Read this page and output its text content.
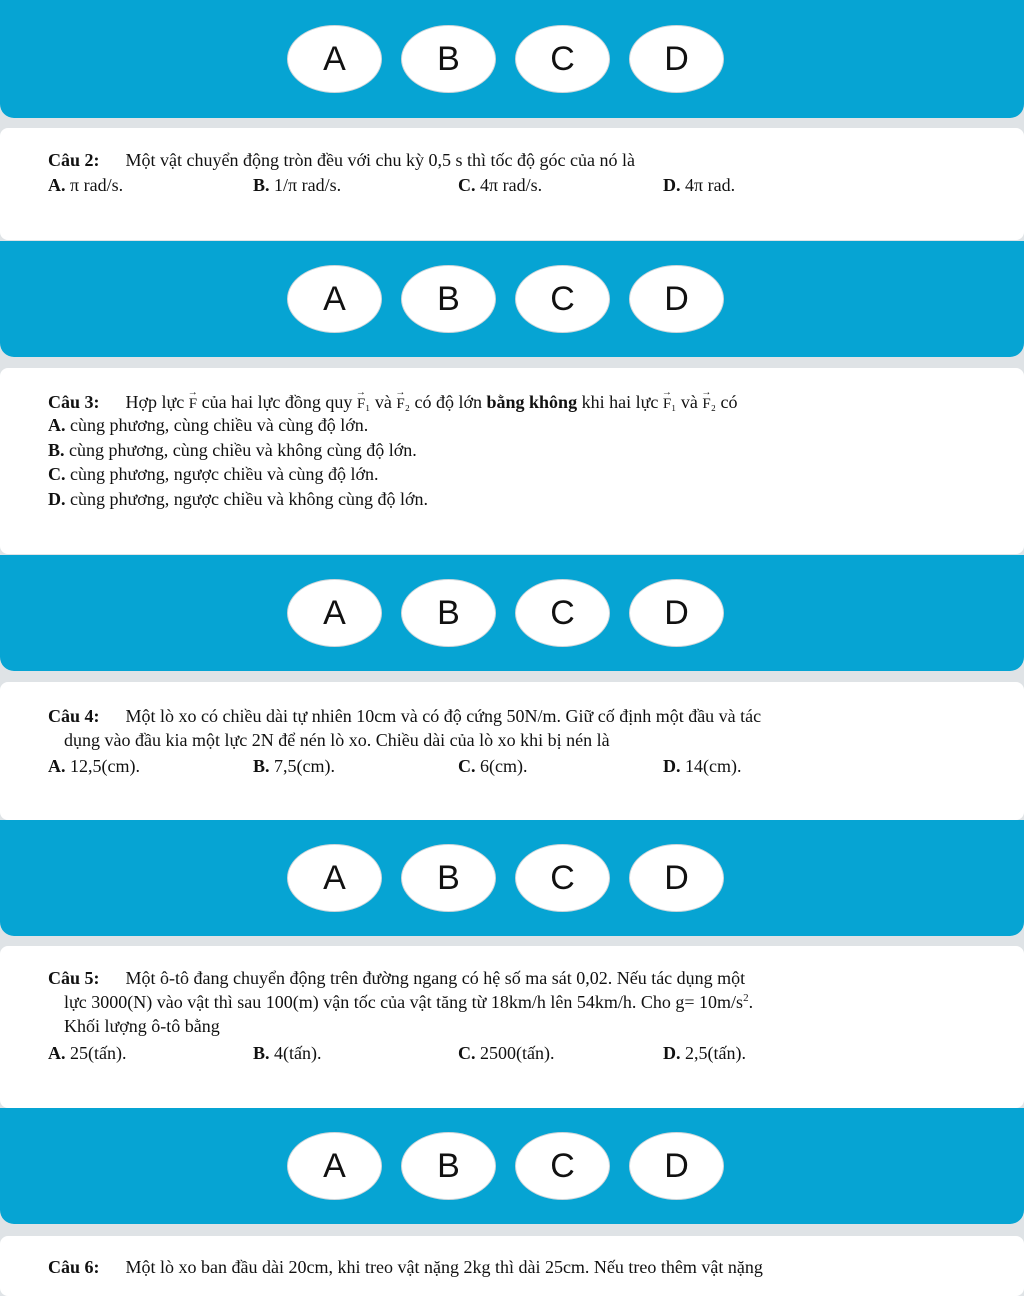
A	B	C	D
Câu 2: Một vật chuyển động tròn đều với chu kỳ 0,5 s thì tốc độ góc của nó là
A. π rad/s.	B. 1/π rad/s.	C. 4π rad/s.	D. 4π rad.
A	B	C	D
Câu 3: Hợp lực → F của hai lực đồng quy → F₁ và → F₂ có độ lớn bằng không khi hai lực → F₁ và → F₂ có
A. cùng phương, cùng chiều và cùng độ lớn.
B. cùng phương, cùng chiều và không cùng độ lớn.
C. cùng phương, ngược chiều và cùng độ lớn.
D. cùng phương, ngược chiều và không cùng độ lớn.
A	B	C	D
Câu 4: Một lò xo có chiều dài tự nhiên 10cm và có độ cứng 50N/m. Giữ cố định một đầu và tác
dụng vào đầu kia một lực 2N để nén lò xo. Chiều dài của lò xo khi bị nén là
A. 12,5(cm).	B. 7,5(cm).	C. 6(cm).	D. 14(cm).
A	B	C	D
Câu 5: Một ô-tô đang chuyển động trên đường ngang có hệ số ma sát 0,02. Nếu tác dụng một
lực 3000(N) vào vật thì sau 100(m) vận tốc của vật tăng từ 18km/h lên 54km/h. Cho $g= 10m/s^2$.
Khối lượng ô-tô bằng
A. 25(tấn).	B. 4(tấn).	C. 2500(tấn).	D. 2,5(tấn).
A	B	C	D
Câu 6: Một lò xo ban đầu dài 20cm, khi treo vật nặng 2kg thì dài 25cm. Nếu treo thêm vật nặng
